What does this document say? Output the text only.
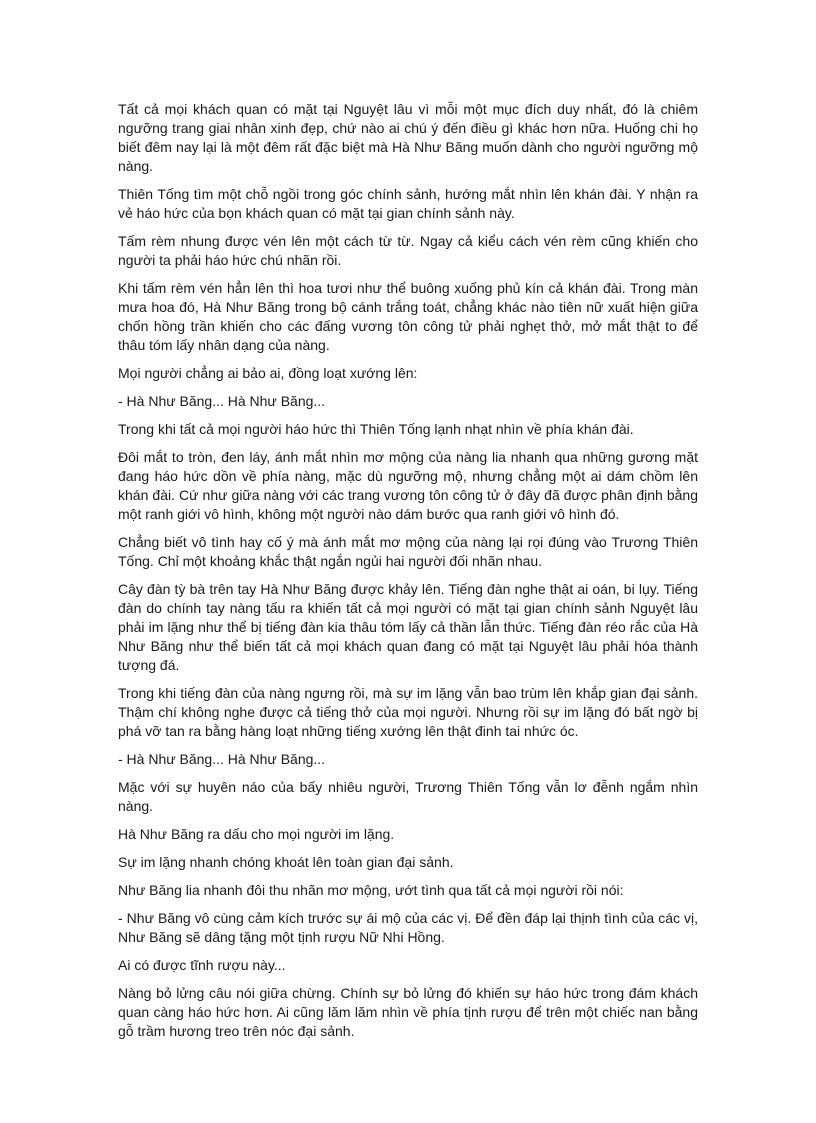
Tất cả mọi khách quan có mặt tại Nguyệt lâu vì mỗi một mục đích duy nhất, đó là chiêm ngưỡng trang giai nhân xinh đẹp, chứ nào ai chú ý đến điều gì khác hơn nữa. Huống chi họ biết đêm nay lại là một đêm rất đặc biệt mà Hà Như Băng muốn dành cho người ngưỡng mộ nàng.

Thiên Tống tìm một chỗ ngồi trong góc chính sảnh, hướng mắt nhìn lên khán đài. Y nhận ra vẻ háo hức của bọn khách quan có mặt tại gian chính sảnh này.

Tấm rèm nhung được vén lên một cách từ từ. Ngay cả kiểu cách vén rèm cũng khiến cho người ta phải háo hức chú nhãn rồi.

Khi tấm rèm vén hẳn lên thì hoa tươi như thể buông xuống phủ kín cả khán đài. Trong màn mưa hoa đó, Hà Như Băng trong bộ cánh trắng toát, chẳng khác nào tiên nữ xuất hiện giữa chốn hồng trần khiến cho các đấng vương tôn công tử phải nghẹt thở, mở mắt thật to để thâu tóm lấy nhân dạng của nàng.

Mọi người chẳng ai bảo ai, đồng loạt xướng lên:

- Hà Như Băng... Hà Như Băng...

Trong khi tất cả mọi người háo hức thì Thiên Tống lạnh nhạt nhìn về phía khán đài.

Đôi mắt to tròn, đen láy, ánh mắt nhìn mơ mộng của nàng lia nhanh qua những gương mặt đang háo hức dồn về phía nàng, mặc dù ngưỡng mộ, nhưng chẳng một ai dám chồm lên khán đài. Cứ như giữa nàng với các trang vương tôn công tử ở đây đã được phân định bằng một ranh giới vô hình, không một người nào dám bước qua ranh giới vô hình đó.

Chẳng biết vô tình hay cố ý mà ánh mắt mơ mộng của nàng lại rọi đúng vào Trương Thiên Tống. Chỉ một khoảng khắc thật ngắn ngủi hai người đối nhãn nhau.

Cây đàn tỳ bà trên tay Hà Như Băng được khảy lên. Tiếng đàn nghe thật ai oán, bi lụy. Tiếng đàn do chính tay nàng tấu ra khiến tất cả mọi người có mặt tại gian chính sảnh Nguyệt lâu phải im lặng như thể bị tiếng đàn kia thâu tóm lấy cả thần lẫn thức. Tiếng đàn réo rắc của Hà Như Băng như thể biến tất cả mọi khách quan đang có mặt tại Nguyệt lâu phải hóa thành tượng đá.

Trong khi tiếng đàn của nàng ngưng rồi, mà sự im lặng vẫn bao trùm lên khắp gian đại sảnh. Thậm chí không nghe được cả tiếng thở của mọi người. Nhưng rồi sự im lặng đó bất ngờ bị phá vỡ tan ra bằng hàng loạt những tiếng xướng lên thật đinh tai nhức óc.

- Hà Như Băng... Hà Như Băng...

Mặc với sự huyên náo của bấy nhiêu người, Trương Thiên Tống vẫn lơ đễnh ngắm nhìn nàng.

Hà Như Băng ra dấu cho mọi người im lặng.

Sự im lặng nhanh chóng khoát lên toàn gian đại sảnh.

Như Băng lia nhanh đôi thu nhãn mơ mộng, ướt tình qua tất cả mọi người rồi nói:

- Như Băng vô cùng cảm kích trước sự ái mộ của các vị. Để đền đáp lại thịnh tình của các vị, Như Băng sẽ dâng tặng một tịnh rượu Nữ Nhi Hồng.

Ai có được tĩnh rượu này...

Nàng bỏ lửng câu nói giữa chừng. Chính sự bỏ lửng đó khiến sự háo hức trong đám khách quan càng háo hức hơn. Ai cũng lăm lăm nhìn về phía tịnh rượu để trên một chiếc nan bằng gỗ trầm hương treo trên nóc đại sảnh.
